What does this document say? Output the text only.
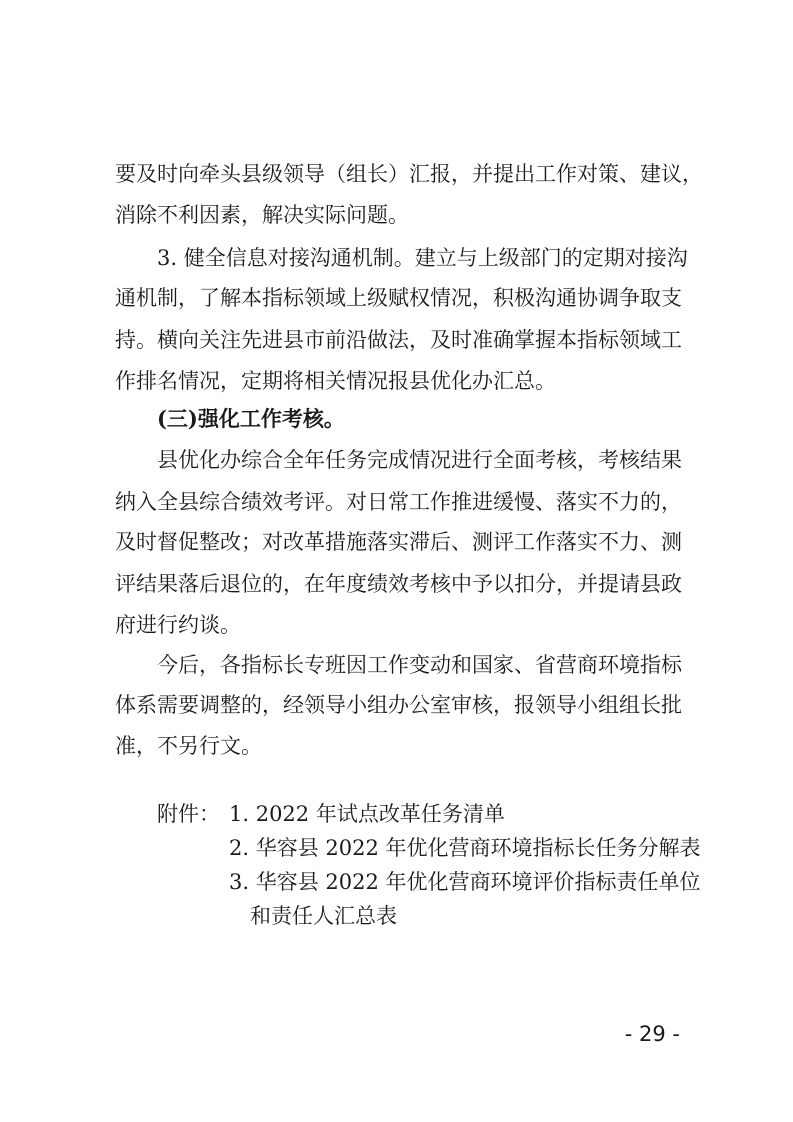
要及时向牵头县级领导（组长）汇报，并提出工作对策、建议，
消除不利因素，解决实际问题。
3. 健全信息对接沟通机制。建立与上级部门的定期对接沟
通机制，了解本指标领域上级赋权情况，积极沟通协调争取支
持。横向关注先进县市前沿做法，及时准确掌握本指标领域工
作排名情况，定期将相关情况报县优化办汇总。
(三)强化工作考核。
县优化办综合全年任务完成情况进行全面考核，考核结果
纳入全县综合绩效考评。对日常工作推进缓慢、落实不力的，
及时督促整改；对改革措施落实滞后、测评工作落实不力、测
评结果落后退位的，在年度绩效考核中予以扣分，并提请县政
府进行约谈。
今后，各指标长专班因工作变动和国家、省营商环境指标
体系需要调整的，经领导小组办公室审核，报领导小组组长批
准，不另行文。
附件： 1. 2022 年试点改革任务清单
2. 华容县 2022 年优化营商环境指标长任务分解表
3. 华容县 2022 年优化营商环境评价指标责任单位
和责任人汇总表
- 29 -
